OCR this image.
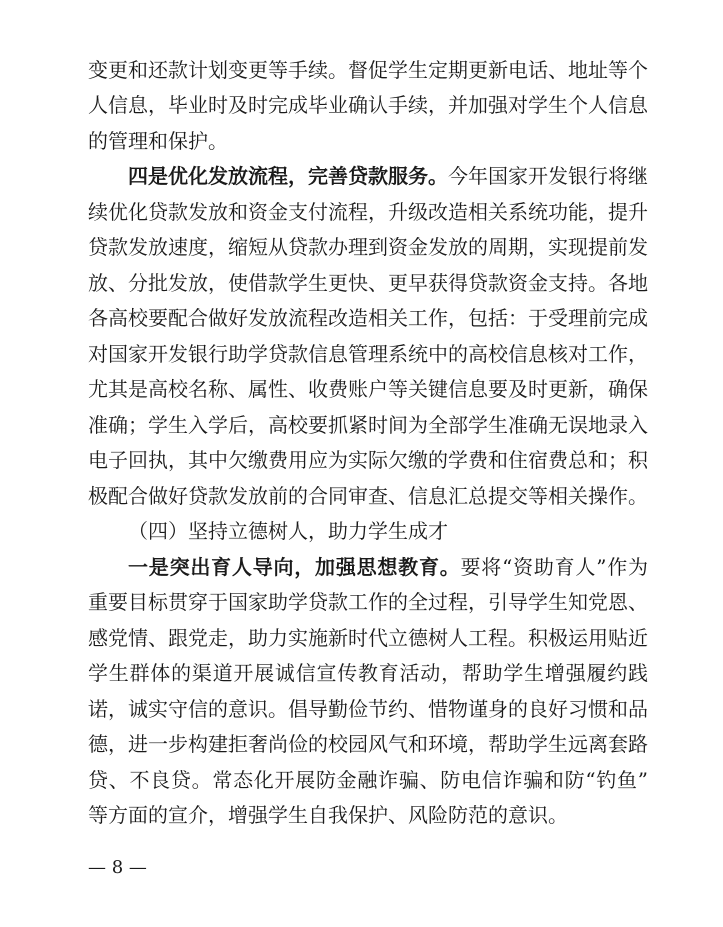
变更和还款计划变更等手续。督促学生定期更新电话、地址等个
人信息，毕业时及时完成毕业确认手续，并加强对学生个人信息
的管理和保护。
四是优化发放流程，完善贷款服务。今年国家开发银行将继
续优化贷款发放和资金支付流程，升级改造相关系统功能，提升
贷款发放速度，缩短从贷款办理到资金发放的周期，实现提前发
放、分批发放，使借款学生更快、更早获得贷款资金支持。各地
各高校要配合做好发放流程改造相关工作，包括：于受理前完成
对国家开发银行助学贷款信息管理系统中的高校信息核对工作，
尤其是高校名称、属性、收费账户等关键信息要及时更新，确保
准确；学生入学后，高校要抓紧时间为全部学生准确无误地录入
电子回执，其中欠缴费用应为实际欠缴的学费和住宿费总和；积
极配合做好贷款发放前的合同审查、信息汇总提交等相关操作。
（四）坚持立德树人，助力学生成才
一是突出育人导向，加强思想教育。要将“资助育人”作为
重要目标贯穿于国家助学贷款工作的全过程，引导学生知党恩、
感党情、跟党走，助力实施新时代立德树人工程。积极运用贴近
学生群体的渠道开展诚信宣传教育活动，帮助学生增强履约践
诺，诚实守信的意识。倡导勤俭节约、惜物谨身的良好习惯和品
德，进一步构建拒奢尚俭的校园风气和环境，帮助学生远离套路
贷、不良贷。常态化开展防金融诈骗、防电信诈骗和防“钓鱼”
等方面的宣介，增强学生自我保护、风险防范的意识。
— 8 —
